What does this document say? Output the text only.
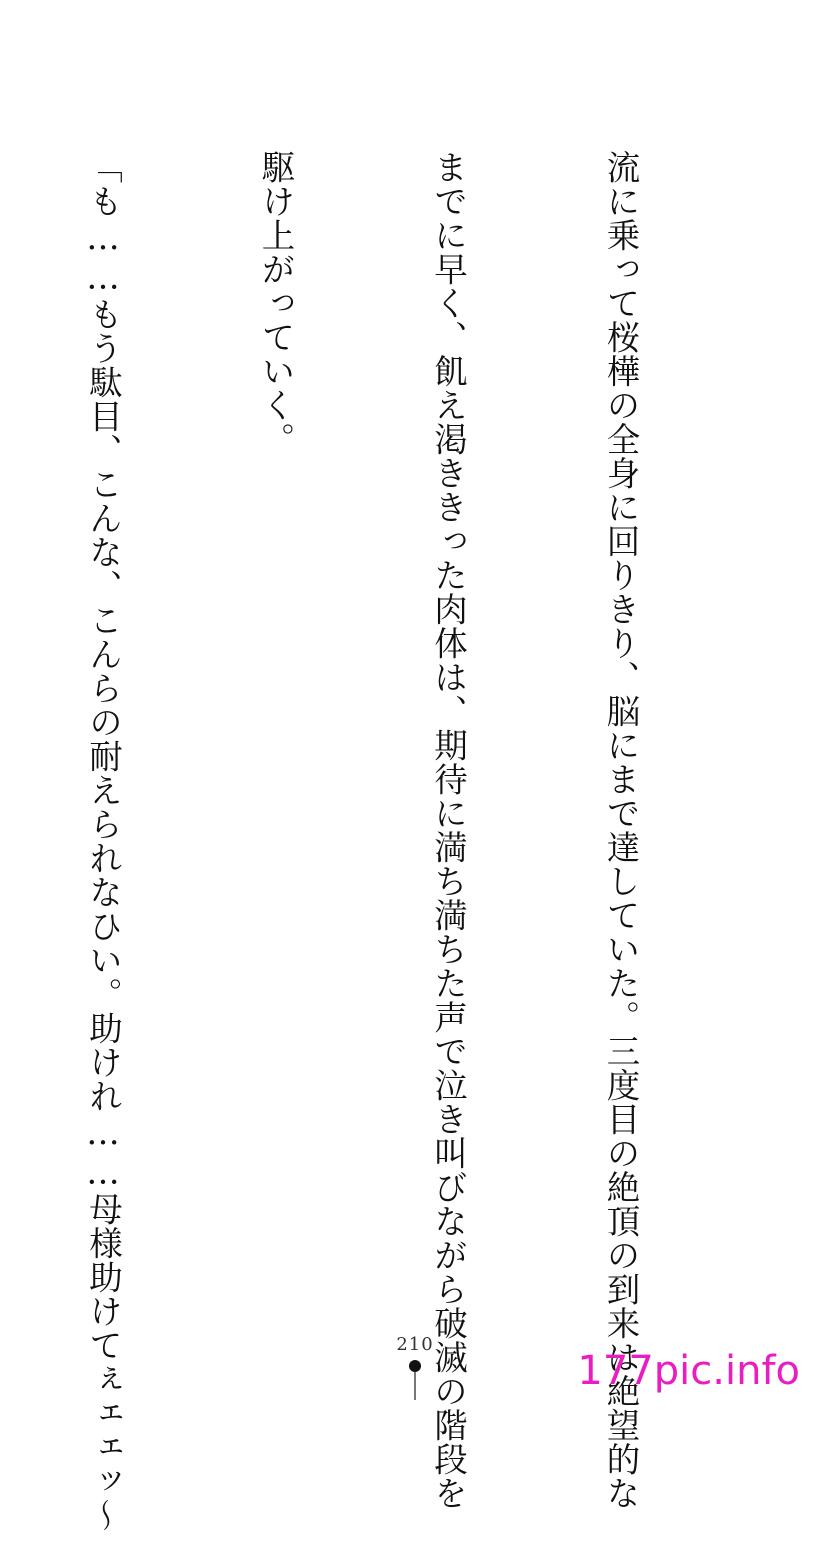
流に乗って桜樺の全身に回りきり、脳にまで達していた。三度目の絶頂の到来は絶望的な

までに早く、飢え渇ききった肉体は、期待に満ち満ちた声で泣き叫びながら破滅の階段を

駆け上がっていく。

「も……もう駄目、こんな、こんらの耐えられなひい。助けれ……母様助けてぇェェッ〜

	210
177pic.info
